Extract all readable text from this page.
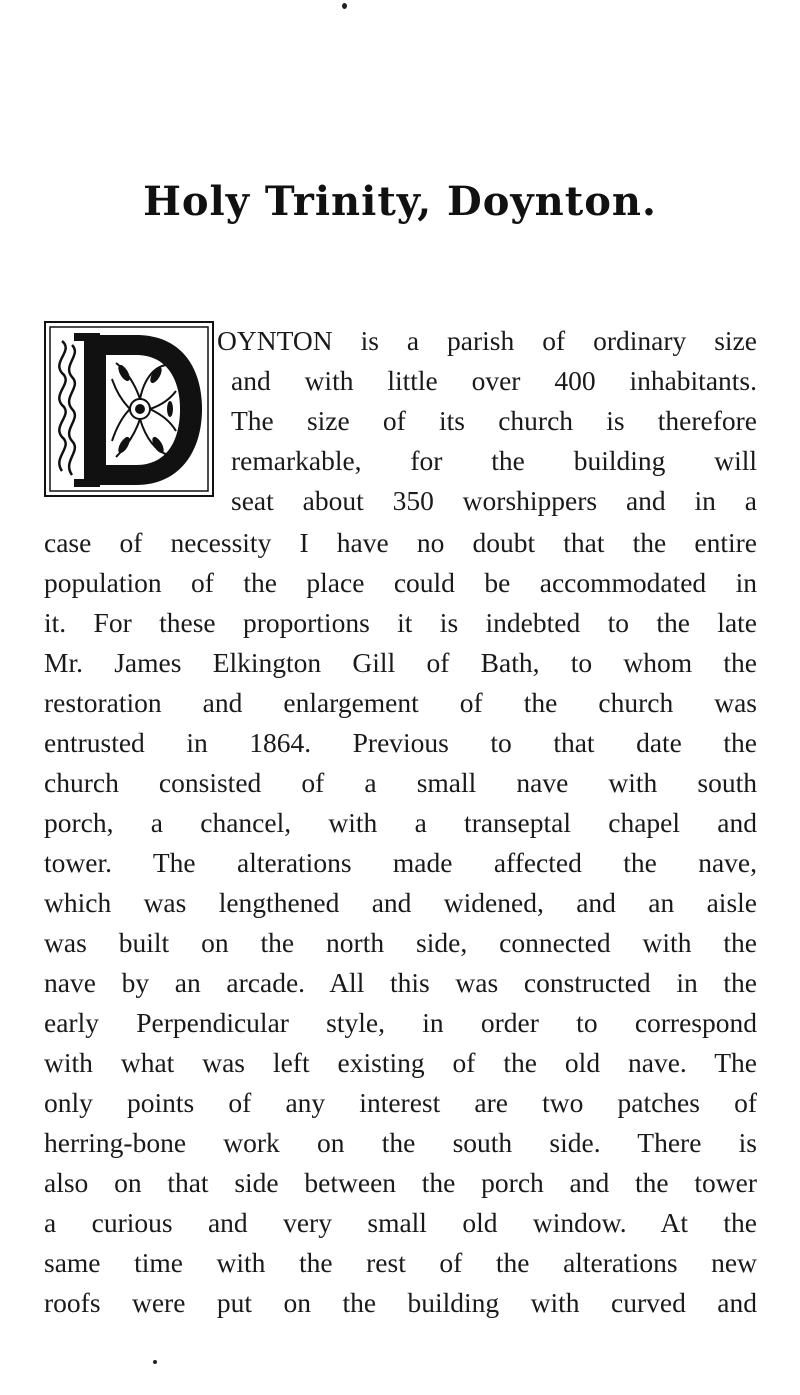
Holy Trinity, Doynton.
OYNTON is a parish of ordinary size
and with little over 400 inhabitants.
The size of its church is therefore
remarkable, for the building will
seat about 350 worshippers and in a
case of necessity I have no doubt that the entire
population of the place could be accommodated in
it. For these proportions it is indebted to the late
Mr. James Elkington Gill of Bath, to whom the
restoration and enlargement of the church was
entrusted in 1864. Previous to that date the
church consisted of a small nave with south
porch, a chancel, with a transeptal chapel and
tower. The alterations made affected the nave,
which was lengthened and widened, and an aisle
was built on the north side, connected with the
nave by an arcade. All this was constructed in the
early Perpendicular style, in order to correspond
with what was left existing of the old nave. The
only points of any interest are two patches of
herring-bone work on the south side. There is
also on that side between the porch and the tower
a curious and very small old window. At the
same time with the rest of the alterations new
roofs were put on the building with curved and
